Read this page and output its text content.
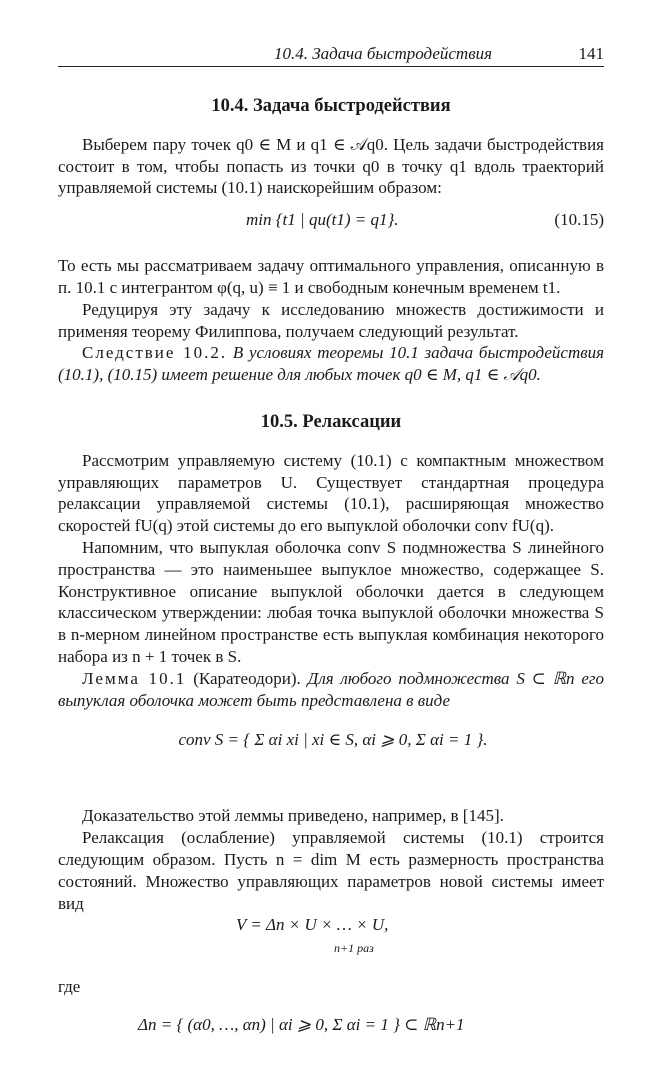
10.4. Задача быстродействия	141
10.4. Задача быстродействия

Выберем пару точек q0 ∈ M и q1 ∈ 𝒜q0. Цель задачи быстродействия состоит в том, чтобы попасть из точки q0 в точку q1 вдоль траекторий управляемой системы (10.1) наискорейшим образом:

min {t1 | qu(t1) = q1}.	(10.15)

То есть мы рассматриваем задачу оптимального управления, описанную в п. 10.1 с интегрантом φ(q, u) ≡ 1 и свободным конечным временем t1.

Редуцируя эту задачу к исследованию множеств достижимости и применяя теорему Филиппова, получаем следующий результат.

Следствие 10.2. В условиях теоремы 10.1 задача быстродействия (10.1), (10.15) имеет решение для любых точек q0 ∈ M, q1 ∈ 𝒜q0.

10.5. Релаксации

Рассмотрим управляемую систему (10.1) с компактным множеством управляющих параметров U. Существует стандартная процедура релаксации управляемой системы (10.1), расширяющая множество скоростей fU(q) этой системы до его выпуклой оболочки conv fU(q).

Напомним, что выпуклая оболочка conv S подмножества S линейного пространства — это наименьшее выпуклое множество, содержащее S. Конструктивное описание выпуклой оболочки дается в следующем классическом утверждении: любая точка выпуклой оболочки множества S в n-мерном линейном пространстве есть выпуклая комбинация некоторого набора из n + 1 точек в S.

Лемма 10.1 (Каратеодори). Для любого подмножества S ⊂ ℝn его выпуклая оболочка может быть представлена в виде

conv S = { Σ αi xi | xi ∈ S, αi ⩾ 0, Σ αi = 1 }.

Доказательство этой леммы приведено, например, в [145].

Релаксация (ослабление) управляемой системы (10.1) строится следующим образом. Пусть n = dim M есть размерность пространства состояний. Множество управляющих параметров новой системы имеет вид

V = Δn × U × … × U,
n+1 раз

где

Δn = { (α0, …, αn) | αi ⩾ 0, Σ αi = 1 } ⊂ ℝn+1
